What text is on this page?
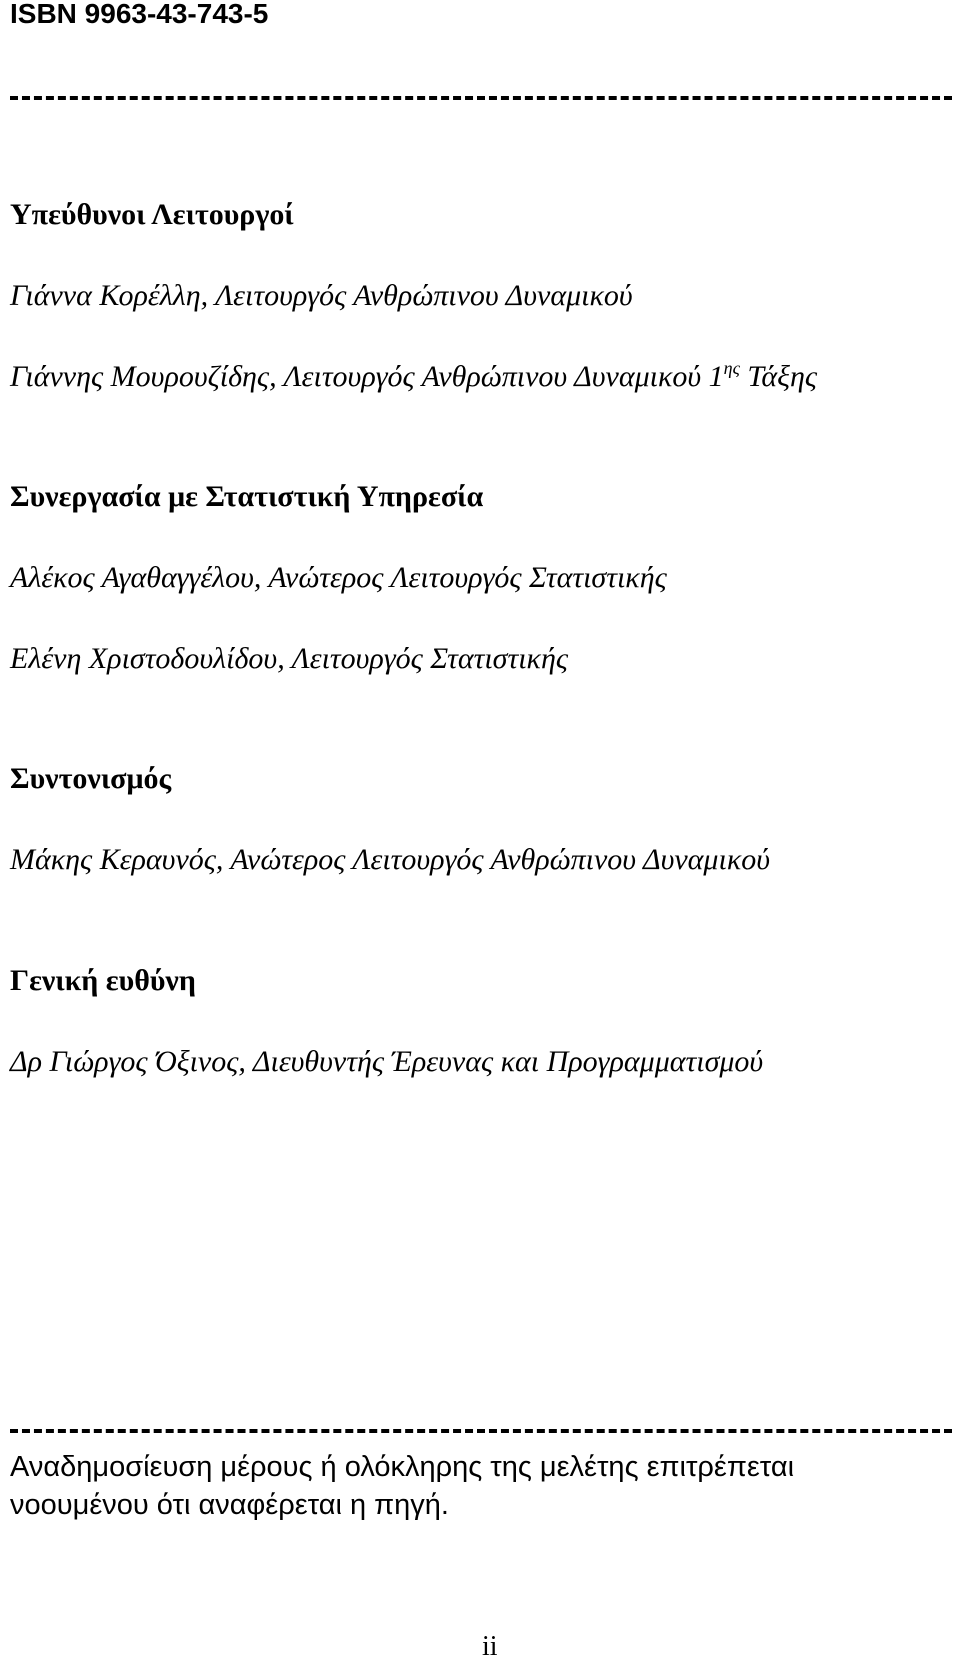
ISBN 9963-43-743-5
Υπεύθυνοι Λειτουργοί
Γιάννα Κορέλλη, Λειτουργός Ανθρώπινου Δυναμικού
Γιάννης Μουρουζίδης, Λειτουργός Ανθρώπινου Δυναμικού $1^{\eta\varsigma}$ Τάξης
Συνεργασία με Στατιστική Υπηρεσία
Αλέκος Αγαθαγγέλου, Ανώτερος Λειτουργός Στατιστικής
Ελένη Χριστοδουλίδου, Λειτουργός Στατιστικής
Συντονισμός
Μάκης Κεραυνός, Ανώτερος Λειτουργός Ανθρώπινου Δυναμικού
Γενική ευθύνη
Δρ Γιώργος Όξινος, Διευθυντής Έρευνας και Προγραμματισμού
Αναδημοσίευση μέρους ή ολόκληρης της μελέτης επιτρέπεται
νοουμένου ότι αναφέρεται η πηγή.
ii
